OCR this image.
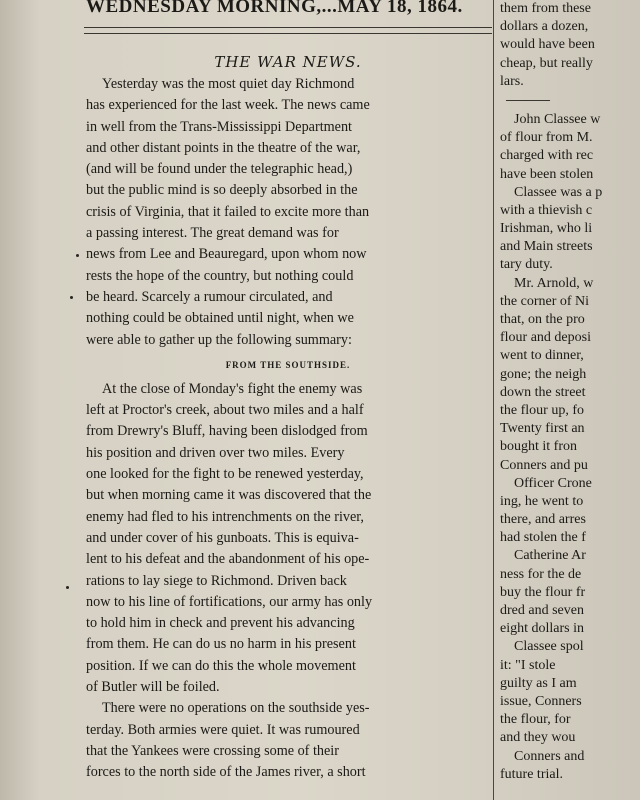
WEDNESDAY MORNING,...MAY 18, 1864.
THE WAR NEWS.
Yesterday was the most quiet day Richmond
has experienced for the last week. The news came
in well from the Trans-Mississippi Department
and other distant points in the theatre of the war,
(and will be found under the telegraphic head,)
but the public mind is so deeply absorbed in the
crisis of Virginia, that it failed to excite more than
a passing interest. The great demand was for
news from Lee and Beauregard, upon whom now
rests the hope of the country, but nothing could
be heard. Scarcely a rumour circulated, and
nothing could be obtained until night, when we
were able to gather up the following summary:
FROM THE SOUTHSIDE.
At the close of Monday's fight the enemy was
left at Proctor's creek, about two miles and a half
from Drewry's Bluff, having been dislodged from
his position and driven over two miles. Every
one looked for the fight to be renewed yesterday,
but when morning came it was discovered that the
enemy had fled to his intrenchments on the river,
and under cover of his gunboats. This is equiva-
lent to his defeat and the abandonment of his ope-
rations to lay siege to Richmond. Driven back
now to his line of fortifications, our army has only
to hold him in check and prevent his advancing
from them. He can do us no harm in his present
position. If we can do this the whole movement
of Butler will be foiled.
There were no operations on the southside yes-
terday. Both armies were quiet. It was rumoured
that the Yankees were crossing some of their
forces to the north side of the James river, a short
them from these
dollars a dozen,
would have been
cheap, but really
lars.
John Classee w
of flour from M.
charged with rec
have been stolen
Classee was a p
with a thievish c
Irishman, who li
and Main streets
tary duty.
Mr. Arnold, w
the corner of Ni
that, on the pro
flour and deposi
went to dinner,
gone; the neigh
down the street
the flour up, fo
Twenty first an
bought it fron
Conners and pu
Officer Crone
ing, he went to
there, and arres
had stolen the f
Catherine Ar
ness for the de
buy the flour fr
dred and seven
eight dollars in
Classee spol
it: "I stole
guilty as I am
issue, Conners
the flour, for
and they wou
Conners and
future trial.
